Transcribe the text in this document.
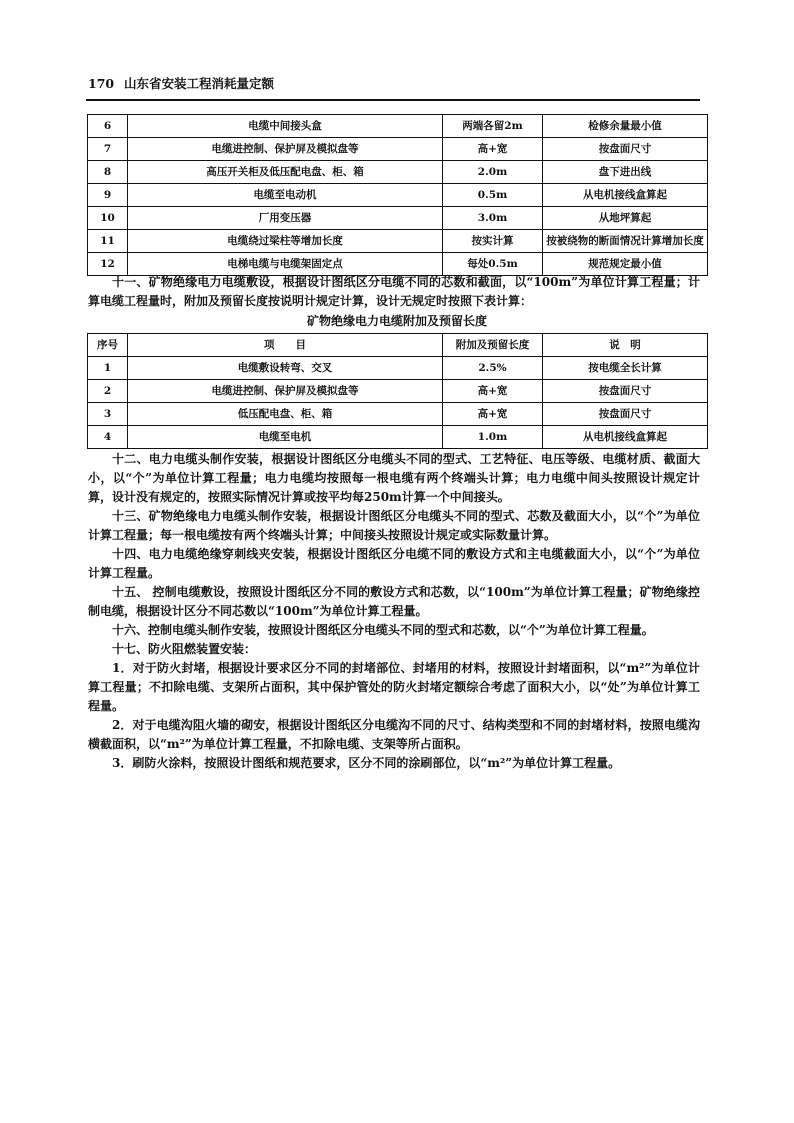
170 山东省安装工程消耗量定额
6	电缆中间接头盒	两端各留2m	检修余量最小值
7	电缆进控制、保护屏及模拟盘等	高+宽	按盘面尺寸
8	高压开关柜及低压配电盘、柜、箱	2.0m	盘下进出线
9	电缆至电动机	0.5m	从电机接线盒算起
10	厂用变压器	3.0m	从地坪算起
11	电缆绕过梁柱等增加长度	按实计算	按被绕物的断面情况计算增加长度
12	电梯电缆与电缆架固定点	每处0.5m	规范规定最小值

十一、矿物绝缘电力电缆敷设，根据设计图纸区分电缆不同的芯数和截面，以“100m”为单位计算工程量；计算电缆工程量时，附加及预留长度按说明计规定计算，设计无规定时按照下表计算：

矿物绝缘电力电缆附加及预留长度
序号	项　　目	附加及预留长度	说　明
1	电缆敷设转弯、交叉	2.5%	按电缆全长计算
2	电缆进控制、保护屏及模拟盘等	高+宽	按盘面尺寸
3	低压配电盘、柜、箱	高+宽	按盘面尺寸
4	电缆至电机	1.0m	从电机接线盒算起

十二、电力电缆头制作安装，根据设计图纸区分电缆头不同的型式、工艺特征、电压等级、电缆材质、截面大小，以“个”为单位计算工程量；电力电缆均按照每一根电缆有两个终端头计算；电力电缆中间头按照设计规定计算，设计没有规定的，按照实际情况计算或按平均每250m计算一个中间接头。

十三、矿物绝缘电力电缆头制作安装，根据设计图纸区分电缆头不同的型式、芯数及截面大小，以“个”为单位计算工程量；每一根电缆按有两个终端头计算；中间接头按照设计规定或实际数量计算。

十四、电力电缆绝缘穿刺线夹安装，根据设计图纸区分电缆不同的敷设方式和主电缆截面大小，以“个”为单位计算工程量。

十五、 控制电缆敷设，按照设计图纸区分不同的敷设方式和芯数，以“100m”为单位计算工程量；矿物绝缘控制电缆，根据设计区分不同芯数以“100m”为单位计算工程量。

十六、控制电缆头制作安装，按照设计图纸区分电缆头不同的型式和芯数，以“个”为单位计算工程量。

十七、防火阻燃装置安装：

1．对于防火封堵，根据设计要求区分不同的封堵部位、封堵用的材料，按照设计封堵面积，以“m²”为单位计算工程量；不扣除电缆、支架所占面积，其中保护管处的防火封堵定额综合考虑了面积大小，以“处”为单位计算工程量。

2．对于电缆沟阻火墙的砌安，根据设计图纸区分电缆沟不同的尺寸、结构类型和不同的封堵材料，按照电缆沟横截面积，以“m²”为单位计算工程量，不扣除电缆、支架等所占面积。

3．刷防火涂料，按照设计图纸和规范要求，区分不同的涂刷部位，以“m²”为单位计算工程量。
